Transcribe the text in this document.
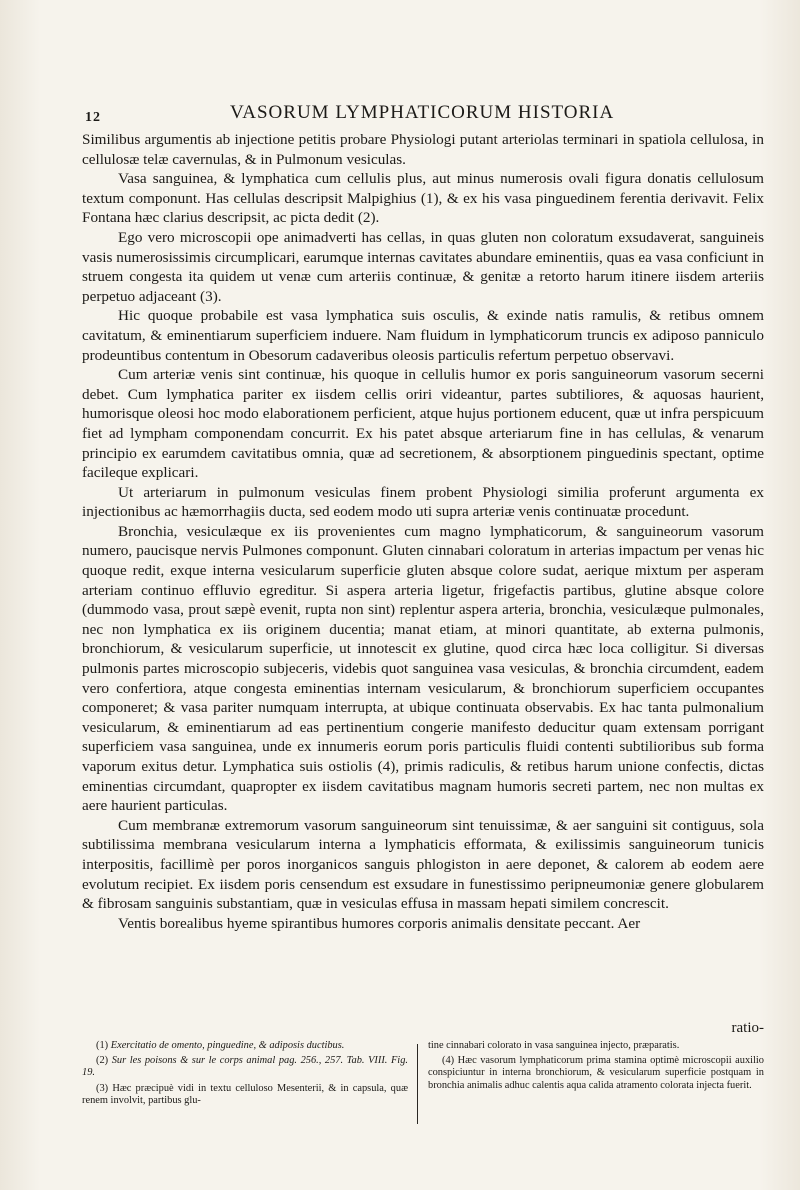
12	VASORUM LYMPHATICORUM HISTORIA

Similibus argumentis ab injectione petitis probare Physiologi putant arteriolas terminari in spatiola cellulosa, in cellulosæ telæ cavernulas, & in Pulmonum vesiculas.

Vasa sanguinea, & lymphatica cum cellulis plus, aut minus numerosis ovali figura donatis cellulosum textum componunt. Has cellulas descripsit Malpighius (1), & ex his vasa pinguedinem ferentia derivavit. Felix Fontana hæc clarius descripsit, ac picta dedit (2).

Ego vero microscopii ope animadverti has cellas, in quas gluten non coloratum exsudaverat, sanguineis vasis numerosissimis circumplicari, earumque internas cavitates abundare eminentiis, quas ea vasa conficiunt in struem congesta ita quidem ut venæ cum arteriis continuæ, & genitæ a retorto harum itinere iisdem arteriis perpetuo adjaceant (3).

Hic quoque probabile est vasa lymphatica suis osculis, & exinde natis ramulis, & retibus omnem cavitatum, & eminentiarum superficiem induere. Nam fluidum in lymphaticorum truncis ex adiposo panniculo prodeuntibus contentum in Obesorum cadaveribus oleosis particulis refertum perpetuo observavi.

Cum arteriæ venis sint continuæ, his quoque in cellulis humor ex poris sanguineorum vasorum secerni debet. Cum lymphatica pariter ex iisdem cellis oriri videantur, partes subtiliores, & aquosas haurient, humorisque oleosi hoc modo elaborationem perficient, atque hujus portionem educent, quæ ut infra perspicuum fiet ad lympham componendam concurrit. Ex his patet absque arteriarum fine in has cellulas, & venarum principio ex earumdem cavitatibus omnia, quæ ad secretionem, & absorptionem pinguedinis spectant, optime facileque explicari.

Ut arteriarum in pulmonum vesiculas finem probent Physiologi similia proferunt argumenta ex injectionibus ac hæmorrhagiis ducta, sed eodem modo uti supra arteriæ venis continuatæ procedunt.

Bronchia, vesiculæque ex iis provenientes cum magno lymphaticorum, & sanguineorum vasorum numero, paucisque nervis Pulmones componunt. Gluten cinnabari coloratum in arterias impactum per venas hic quoque redit, exque interna vesicularum superficie gluten absque colore sudat, aerique mixtum per asperam arteriam continuo effluvio egreditur. Si aspera arteria ligetur, frigefactis partibus, glutine absque colore (dummodo vasa, prout sæpè evenit, rupta non sint) replentur aspera arteria, bronchia, vesiculæque pulmonales, nec non lymphatica ex iis originem ducentia; manat etiam, at minori quantitate, ab externa pulmonis, bronchiorum, & vesicularum superficie, ut innotescit ex glutine, quod circa hæc loca colligitur. Si diversas pulmonis partes microscopio subjeceris, videbis quot sanguinea vasa vesiculas, & bronchia circumdent, eadem vero confertiora, atque congesta eminentias internam vesicularum, & bronchiorum superficiem occupantes componeret; & vasa pariter numquam interrupta, at ubique continuata observabis. Ex hac tanta pulmonalium vesicularum, & eminentiarum ad eas pertinentium congerie manifesto deducitur quam extensam porrigant superficiem vasa sanguinea, unde ex innumeris eorum poris particulis fluidi contenti subtilioribus sub forma vaporum exitus detur. Lymphatica suis ostiolis (4), primis radiculis, & retibus harum unione confectis, dictas eminentias circumdant, quapropter ex iisdem cavitatibus magnam humoris secreti partem, nec non multas ex aere haurient particulas.

Cum membranæ extremorum vasorum sanguineorum sint tenuissimæ, & aer sanguini sit contiguus, sola subtilissima membrana vesicularum interna a lymphaticis efformata, & exilissimis sanguineorum tunicis interpositis, facillimè per poros inorganicos sanguis phlogiston in aere deponet, & calorem ab eodem aere evolutum recipiet. Ex iisdem poris censendum est exsudare in funestissimo peripneumoniæ genere globularem & fibrosam sanguinis substantiam, quæ in vesiculas effusa in massam hepati similem concrescit.

Ventis borealibus hyeme spirantibus humores corporis animalis densitate peccant. Aer

ratio-

(1) Exercitatio de omento, pinguedine, & adiposis ductibus.

(2) Sur les poisons & sur le corps animal pag. 256., 257. Tab. VIII. Fig. 19.

(3) Hæc præcipuè vidi in textu celluloso Mesenterii, & in capsula, quæ renem involvit, partibus glu-

tine cinnabari colorato in vasa sanguinea injecto, præparatis.

(4) Hæc vasorum lymphaticorum prima stamina optimè microscopii auxilio conspiciuntur in interna bronchiorum, & vesicularum superficie postquam in bronchia animalis adhuc calentis aqua calida atramento colorata injecta fuerit.
